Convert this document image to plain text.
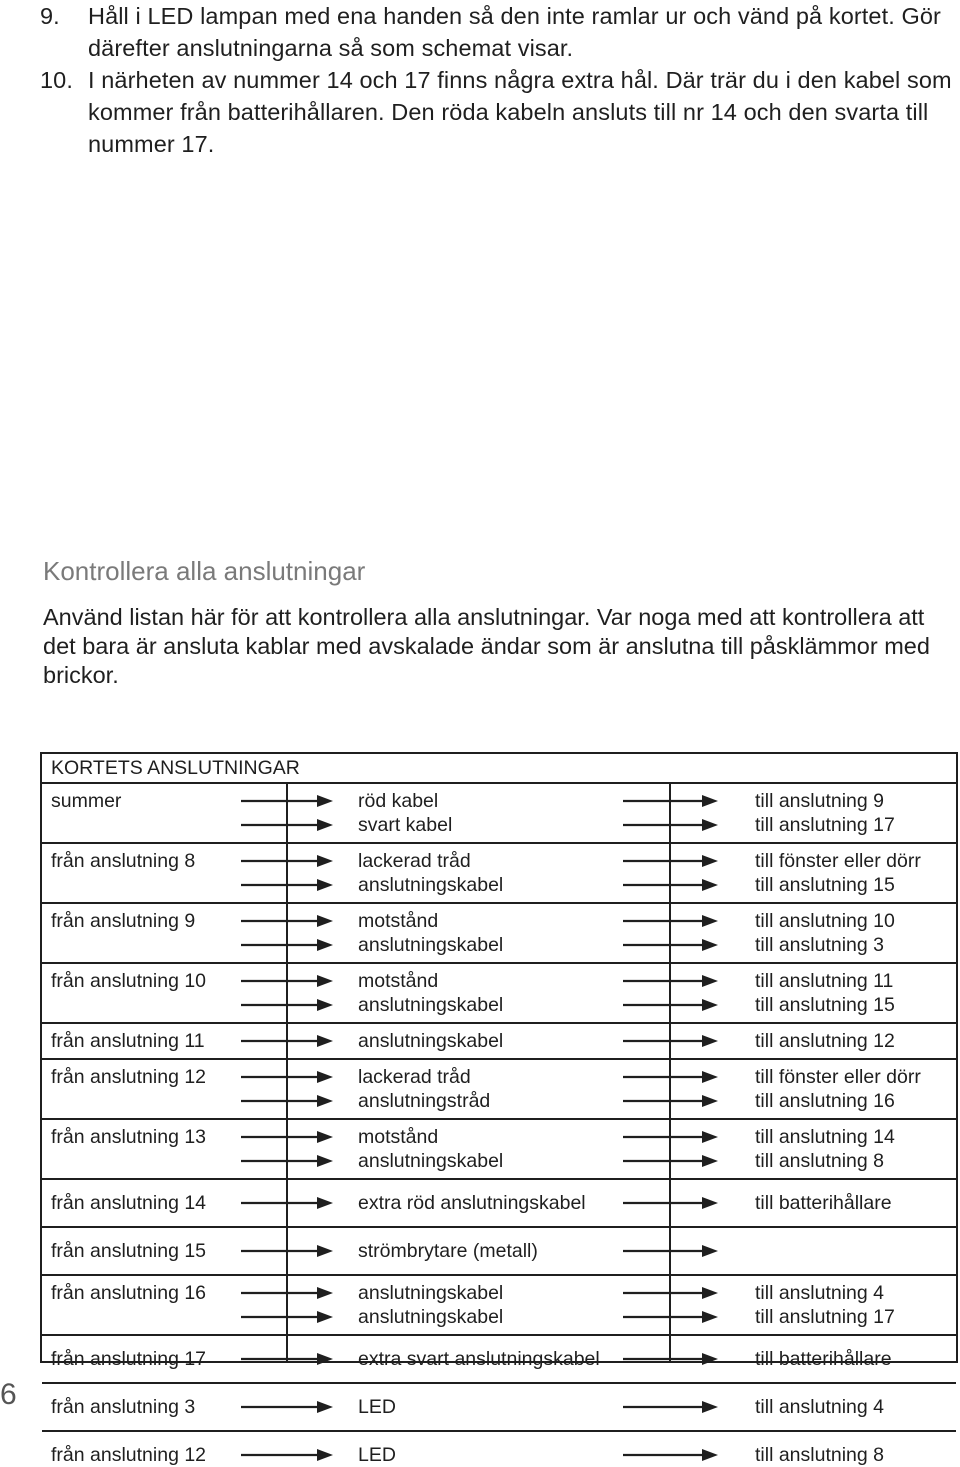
9. Håll i LED lampan med ena handen så den inte ramlar ur och vänd på kortet. Gör därefter anslutningarna så som schemat visar.
10. I närheten av nummer 14 och 17 finns några extra hål. Där trär du i den kabel som kommer från batterihållaren. Den röda kabeln ansluts till nr 14 och den svarta till nummer 17.
Kontrollera alla anslutningar
Använd listan här för att kontrollera alla anslutningar. Var noga med att kontrollera att det bara är ansluta kablar med avskalade ändar som är anslutna till påsklämmor med brickor.
KORTETS ANSLUTNINGAR
summer	röd kabel	till anslutning 9
svart kabel	till anslutning 17
från anslutning 8	lackerad tråd	till fönster eller dörr
anslutningskabel	till anslutning 15
från anslutning 9	motstånd	till anslutning 10
anslutningskabel	till anslutning 3
från anslutning 10	motstånd	till anslutning 11
anslutningskabel	till anslutning 15
från anslutning 11	anslutningskabel	till anslutning 12
från anslutning 12	lackerad tråd	till fönster eller dörr
anslutningstråd	till anslutning 16
från anslutning 13	motstånd	till anslutning 14
anslutningskabel	till anslutning 8
från anslutning 14	extra röd anslutningskabel	till batterihållare
från anslutning 15	strömbrytare (metall)
från anslutning 16	anslutningskabel	till anslutning 4
anslutningskabel	till anslutning 17
från anslutning 17	extra svart anslutningskabel	till batterihållare
från anslutning 3	LED	till anslutning 4
från anslutning 12	LED	till anslutning 8
6
